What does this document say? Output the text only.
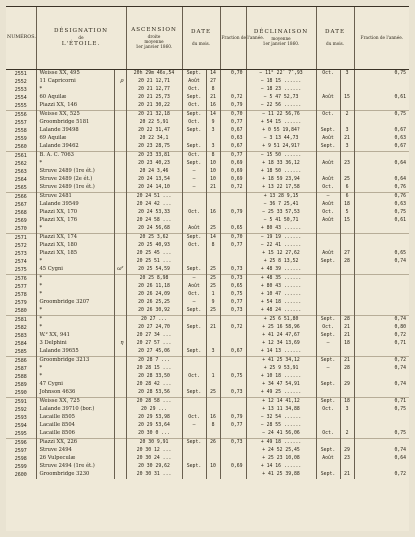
NUMÉROS.	DÉSIGNATION
de
L'ÉTOILE.		ASCENSION
droite
moyenne
1er janvier 1860.	DATE

du mois.		Fraction de l'année.	DÉCLINAISON
moyenne
1er janvier 1860.	DATE

du mois.		Fraction de l'année.

2551	Weisse XX, 495		20h 29m 46s,54	Sept.	14	0,70	− 11° 22′ 7″,93	Oct.	3	0,75
2552	11 Capricorni	ρ	20 21 12,71	Août	27		− 18 15 ......			
2553	*		20 21 12,77	Oct.	8		− 18 23 ......			
2554	60 Aquilæ		20 21 25,73	Sept.	21	0,72	− 5 47 52,73	Août	15	0,61
2555	Piazzi XX, 146		20 21 30,22	Oct.	16	0,79	− 22 56 ......			
2556	Weisse XX, 525		20 21 32,18	Sept.	14	0,70	− 11 22 56,76	Oct.	2	0,75
2557	Groombridge 5181		20 22 5,91	Oct.	9	0,77	+ 54 15 ......			
2558	Lalande 39498		20 22 31,47	Sept.	3	0,67	+ 0 55 19,84?	Sept.	3	0,67
2559	69 Aquilæ		20 22 34,1			0,63	− 3 13 44,73	Août	21	0,63
2560	Lalande 39462		20 23 28,75	Sept.	3	0,67	+ 9 51 24,91?	Sept.	3	0,67
2561	B. A. C. 7063		20 23 33,81	Oct.	8	0,77	− 15 50 ......			
2562	*		20 23 40,23	Sept.	10	0,69	+ 18 33 36,12	Août	23	0,64
2563	Struve 2489 (1re ét.)		20 24 3,46	—	10	0,69	+ 18 50 ......			
2564	Struve 2489 (2e ét.)		20 24 13,54	—	10	0,69	+ 18 59 23,94	Août	25	0,64
2565	Struve 2489 (1re ét.)		20 24 14,10	—	21	0,72	+ 13 22 17,58	Oct.	6	0,76
2566	Struve 2481		20 24 51 ...				+ 13 28 9,15	—	6	0,76
2567	Lalande 39549		20 24 42 ...				− 36 7 25,41	Août	18	0,63
2568	Piazzi XX, 170		20 24 53,33	Oct.	16	0,79	− 25 33 57,53	Oct.	5	0,75
2569	Piazzi XX, 176		20 24 58 ...				− 5 41 50,71	Août	15	0,61
2570	*		20 24 56,68	Août	25	0,65	+ 80 43 ......			
2571	Piazzi XX, 174		20 25 3,62	Sept.	14	0,70	− 19 19 ......			
2572	Piazzi XX, 180		20 25 40,93	Oct.	8	0,77	− 22 41 ......			
2573	Piazzi XX, 185		20 25 45 ...				+ 15 12 27,62	Août	27	0,65
2574	*		20 25 51 ...				+ 25 8 13,52	Sept.	28	0,74
2575	45 Cygni	ω²	20 25 54,59	Sept.	25	0,73	+ 48 39 ......			
2576	*		20 25 8,98	—	25	0,73	+ 48 35 ......			
2577	*		20 26 11,18	Août	25	0,65	+ 80 43 ......			
2578	*		20 26 24,09	Oct.	1	0,75	+ 10 47 ......			
2579	Groombridge 3207		20 26 25,25	—	9	0,77	+ 54 18 ......			
2580	*		20 26 30,92	Sept.	25	0,73	+ 48 24 ......			
2581	*		20 27 ...				+ 25 6 51,80	Sept.	28	0,74
2582	*		20 27 24,70	Sept.	21	0,72	+ 25 16 58,96	Oct.	21	0,80
2583	W.² XX, 941		20 27 34 ...				+ 41 24 47,67	Sept.	21	0,72
2584	3 Delphini	η	20 27 57 ...				+ 12 34 13,69	—	18	0,71
2585	Lalande 39655		20 27 45,06	Sept.	3	0,67	+ 14 13 ......			
2586	Groombridge 3213		20 28 7 ...				+ 41 25 34,12	Sept.	21	0,72
2587	*		20 28 15 ...				+ 25 9 53,91	—	28	0,74
2588	*		20 28 33,50	Oct.	1	0,75	+ 10 18 ......			
2589	47 Cygni		20 28 42 ...				+ 34 47 54,91	Sept.	29	0,74
2590	Johnson 4636		20 28 53,56	Sept.	25	0,73	+ 49 25 ......			
2591	Weisse XX, 725		20 28 58 ...				+ 12 14 41,12	Sept.	18	0,71
2592	Lalande 39710 (bor.)		20 29 ...				+ 13 11 34,88	Oct.	3	0,75
2593	Lacaille 8505		20 29 53,98	Oct.	16	0,79	− 32 54 ......			
2594	Lacaille 8504		20 29 53,64	—	8	0,77	− 28 55 ......			
2595	Lacaille 8506		20 30 0 ...				− 24 41 56,06	Oct.	2	0,75
2596	Piazzi XX, 226		20 30 9,91	Sept.	26	0,73	+ 49 18 ......			
2597	Struve 2494		20 30 12 ...				+ 24 52 25,45	Sept.	29	0,74
2598	26 Vulpeculæ		20 30 24 ...				+ 25 23 10,08	Août	23	0,64
2599	Struve 2494 (1re ét.)		20 30 29,62	Sept.	10	0,69	+ 14 16 ......			
2600	Groombridge 3230		20 30 31 ...				+ 41 25 39,88	Sept.	21	0,72
